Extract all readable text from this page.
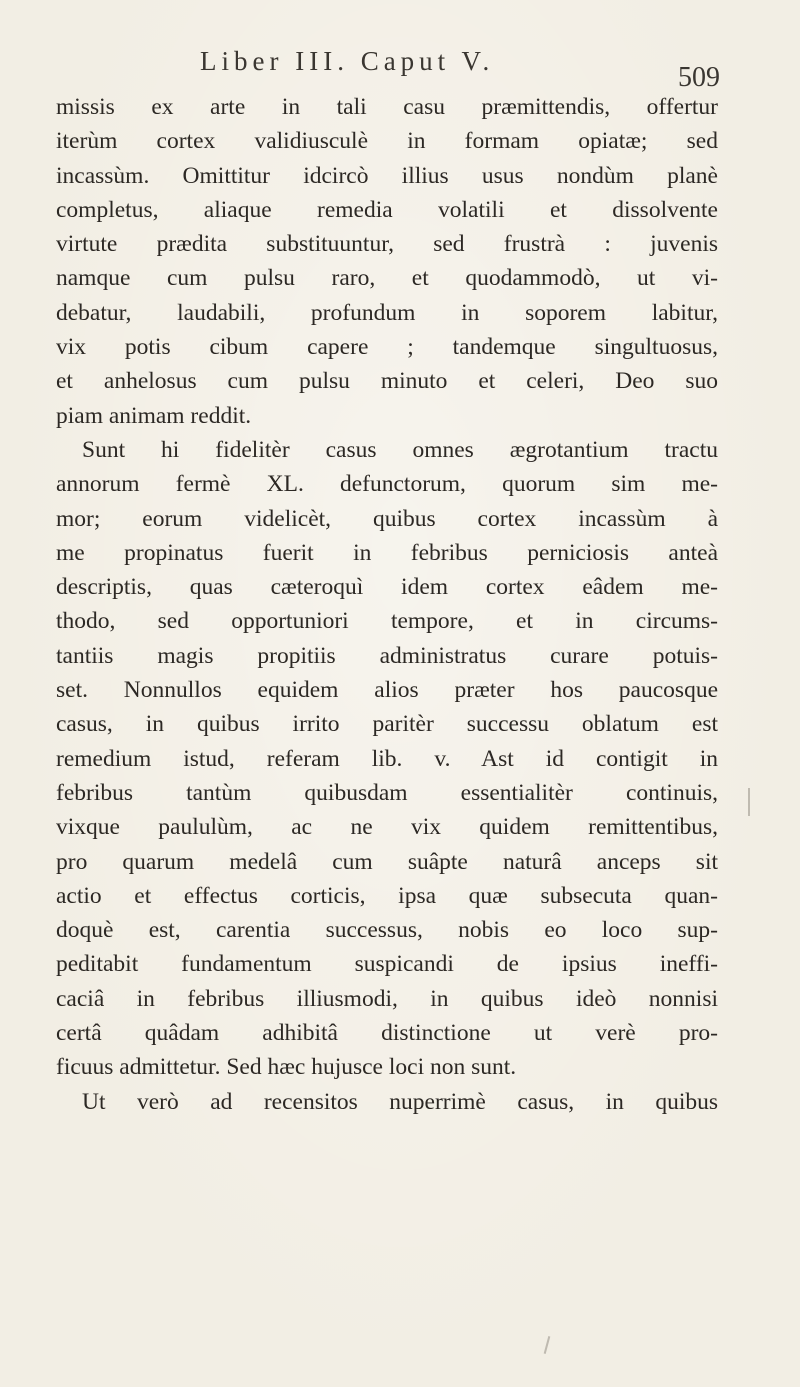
Liber III. Caput V.
509
missis ex arte in tali casu præmittendis, offertur
iterùm cortex validiusculè in formam opiatæ; sed
incassùm. Omittitur idcircò illius usus nondùm planè
completus, aliaque remedia volatili et dissolvente
virtute prædita substituuntur, sed frustrà : juvenis
namque cum pulsu raro, et quodammodò, ut vi-
debatur, laudabili, profundum in soporem labitur,
vix potis cibum capere ; tandemque singultuosus,
et anhelosus cum pulsu minuto et celeri, Deo suo
piam animam reddit.
Sunt hi fidelitèr casus omnes ægrotantium tractu
annorum fermè XL. defunctorum, quorum sim me-
mor; eorum videlicèt, quibus cortex incassùm à
me propinatus fuerit in febribus perniciosis anteà
descriptis, quas cæteroquì idem cortex eâdem me-
thodo, sed opportuniori tempore, et in circums-
tantiis magis propitiis administratus curare potuis-
set. Nonnullos equidem alios præter hos paucosque
casus, in quibus irrito paritèr successu oblatum est
remedium istud, referam lib. v. Ast id contigit in
febribus tantùm quibusdam essentialitèr continuis,
vixque paululùm, ac ne vix quidem remittentibus,
pro quarum medelâ cum suâpte naturâ anceps sit
actio et effectus corticis, ipsa quæ subsecuta quan-
doquè est, carentia successus, nobis eo loco sup-
peditabit fundamentum suspicandi de ipsius ineffi-
caciâ in febribus illiusmodi, in quibus ideò nonnisi
certâ quâdam adhibitâ distinctione ut verè pro-
ficuus admittetur. Sed hæc hujusce loci non sunt.
Ut verò ad recensitos nuperrimè casus, in quibus
